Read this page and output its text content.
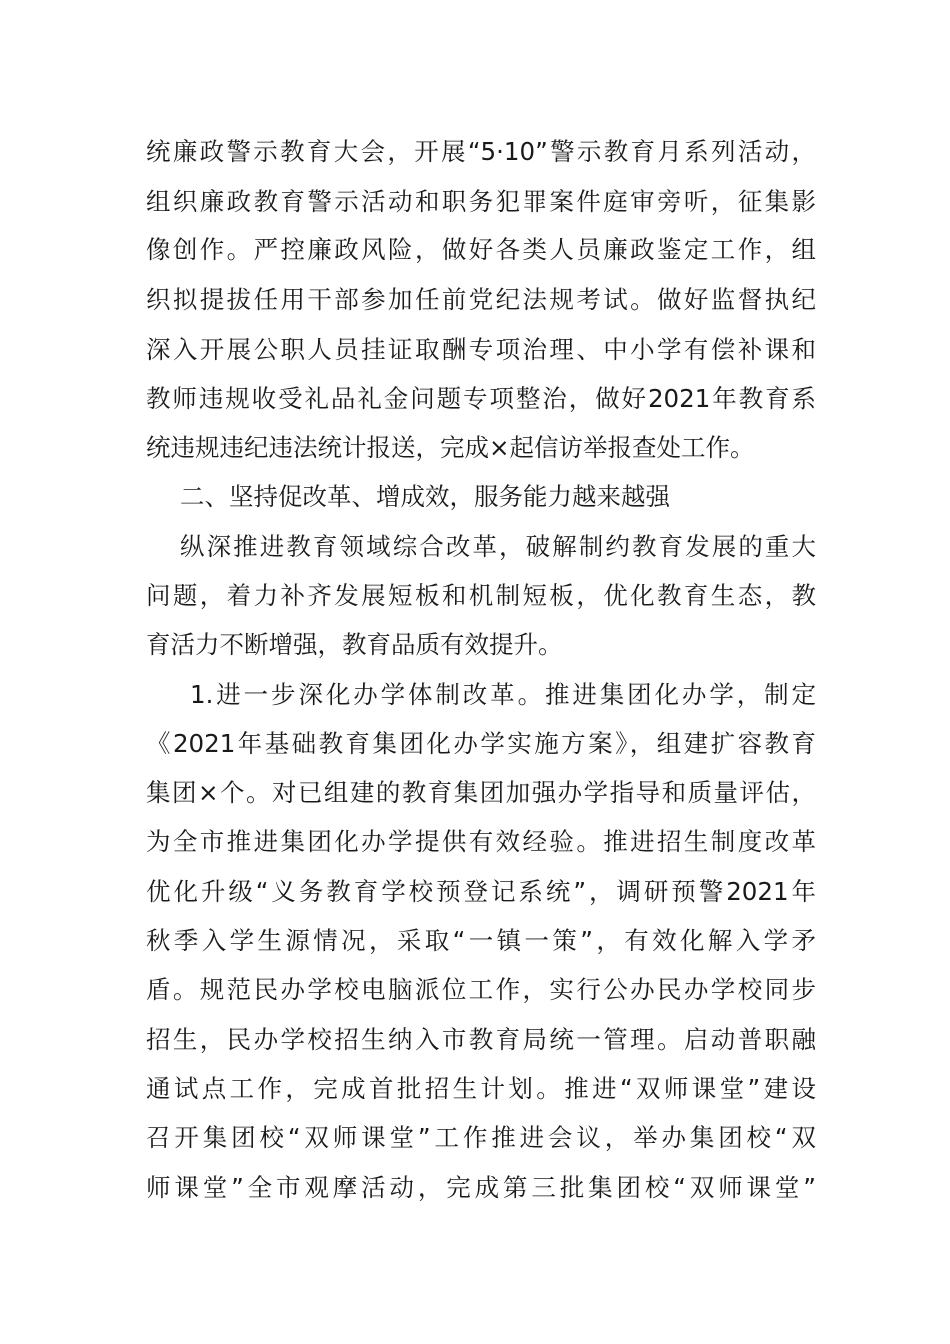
统廉政警示教育大会，开展“5·10”警示教育月系列活动，
组织廉政教育警示活动和职务犯罪案件庭审旁听，征集影
像创作。严控廉政风险，做好各类人员廉政鉴定工作，组
织拟提拔任用干部参加任前党纪法规考试。做好监督执纪
深入开展公职人员挂证取酬专项治理、中小学有偿补课和
教师违规收受礼品礼金问题专项整治，做好2021年教育系
统违规违纪违法统计报送，完成×起信访举报查处工作。
二、坚持促改革、增成效，服务能力越来越强
纵深推进教育领域综合改革，破解制约教育发展的重大
问题，着力补齐发展短板和机制短板，优化教育生态，教
育活力不断增强，教育品质有效提升。
1.进一步深化办学体制改革。推进集团化办学，制定
《2021年基础教育集团化办学实施方案》，组建扩容教育
集团×个。对已组建的教育集团加强办学指导和质量评估，
为全市推进集团化办学提供有效经验。推进招生制度改革
优化升级“义务教育学校预登记系统”，调研预警2021年
秋季入学生源情况，采取“一镇一策”，有效化解入学矛
盾。规范民办学校电脑派位工作，实行公办民办学校同步
招生，民办学校招生纳入市教育局统一管理。启动普职融
通试点工作，完成首批招生计划。推进“双师课堂”建设
召开集团校“双师课堂”工作推进会议，举办集团校“双
师课堂”全市观摩活动，完成第三批集团校“双师课堂”
